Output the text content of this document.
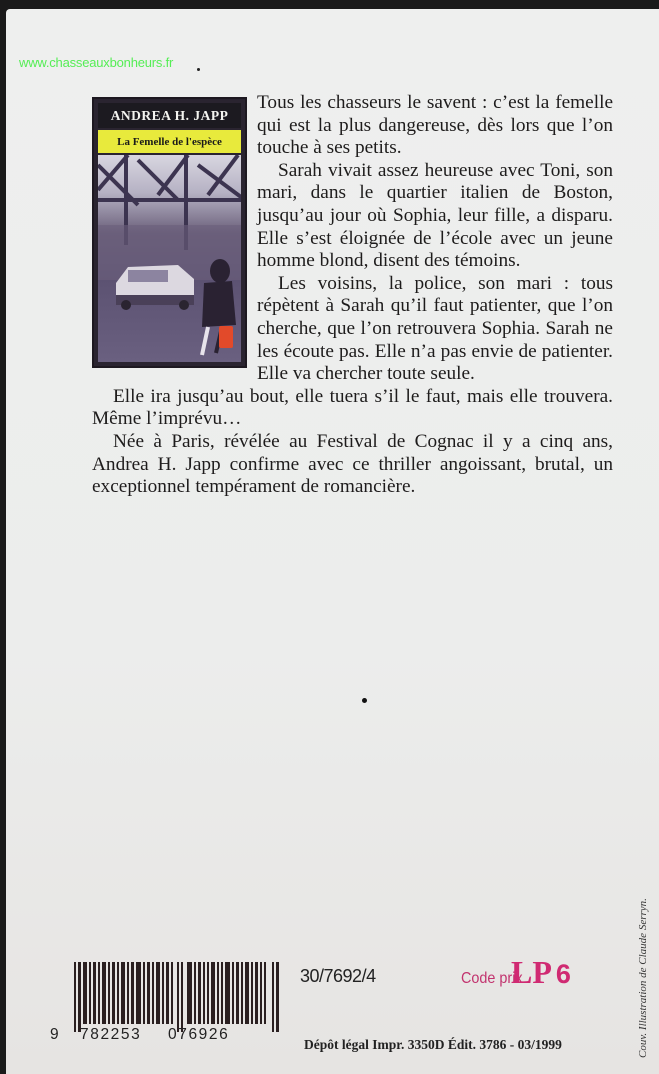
www.chasseauxbonheurs.fr

Tous les chasseurs le savent : c’est la femelle qui est la plus dangereuse, dès lors que l’on touche à ses petits.

Sarah vivait assez heureuse avec Toni, son mari, dans le quartier italien de Boston, jusqu’au jour où Sophia, leur fille, a disparu. Elle s’est éloignée de l’école avec un jeune homme blond, disent des témoins.

Les voisins, la police, son mari : tous répètent à Sarah qu’il faut patienter, que l’on cherche, que l’on retrouvera Sophia. Sarah ne les écoute pas. Elle n’a pas envie de patienter. Elle va chercher toute seule.

Elle ira jusqu’au bout, elle tuera s’il le faut, mais elle trouvera. Même l’imprévu…

Née à Paris, révélée au Festival de Cognac il y a cinq ans, Andrea H. Japp confirme avec ce thriller angoissant, brutal, un exceptionnel tempérament de romancière.

ANDREA H. JAPP
La Femelle de l'espèce
9 782253 076926
30/7692/4	Code prix
LP 6
Dépôt légal Impr. 3350D Édit. 3786 - 03/1999	Couv. Illustration de Claude Serryn.
